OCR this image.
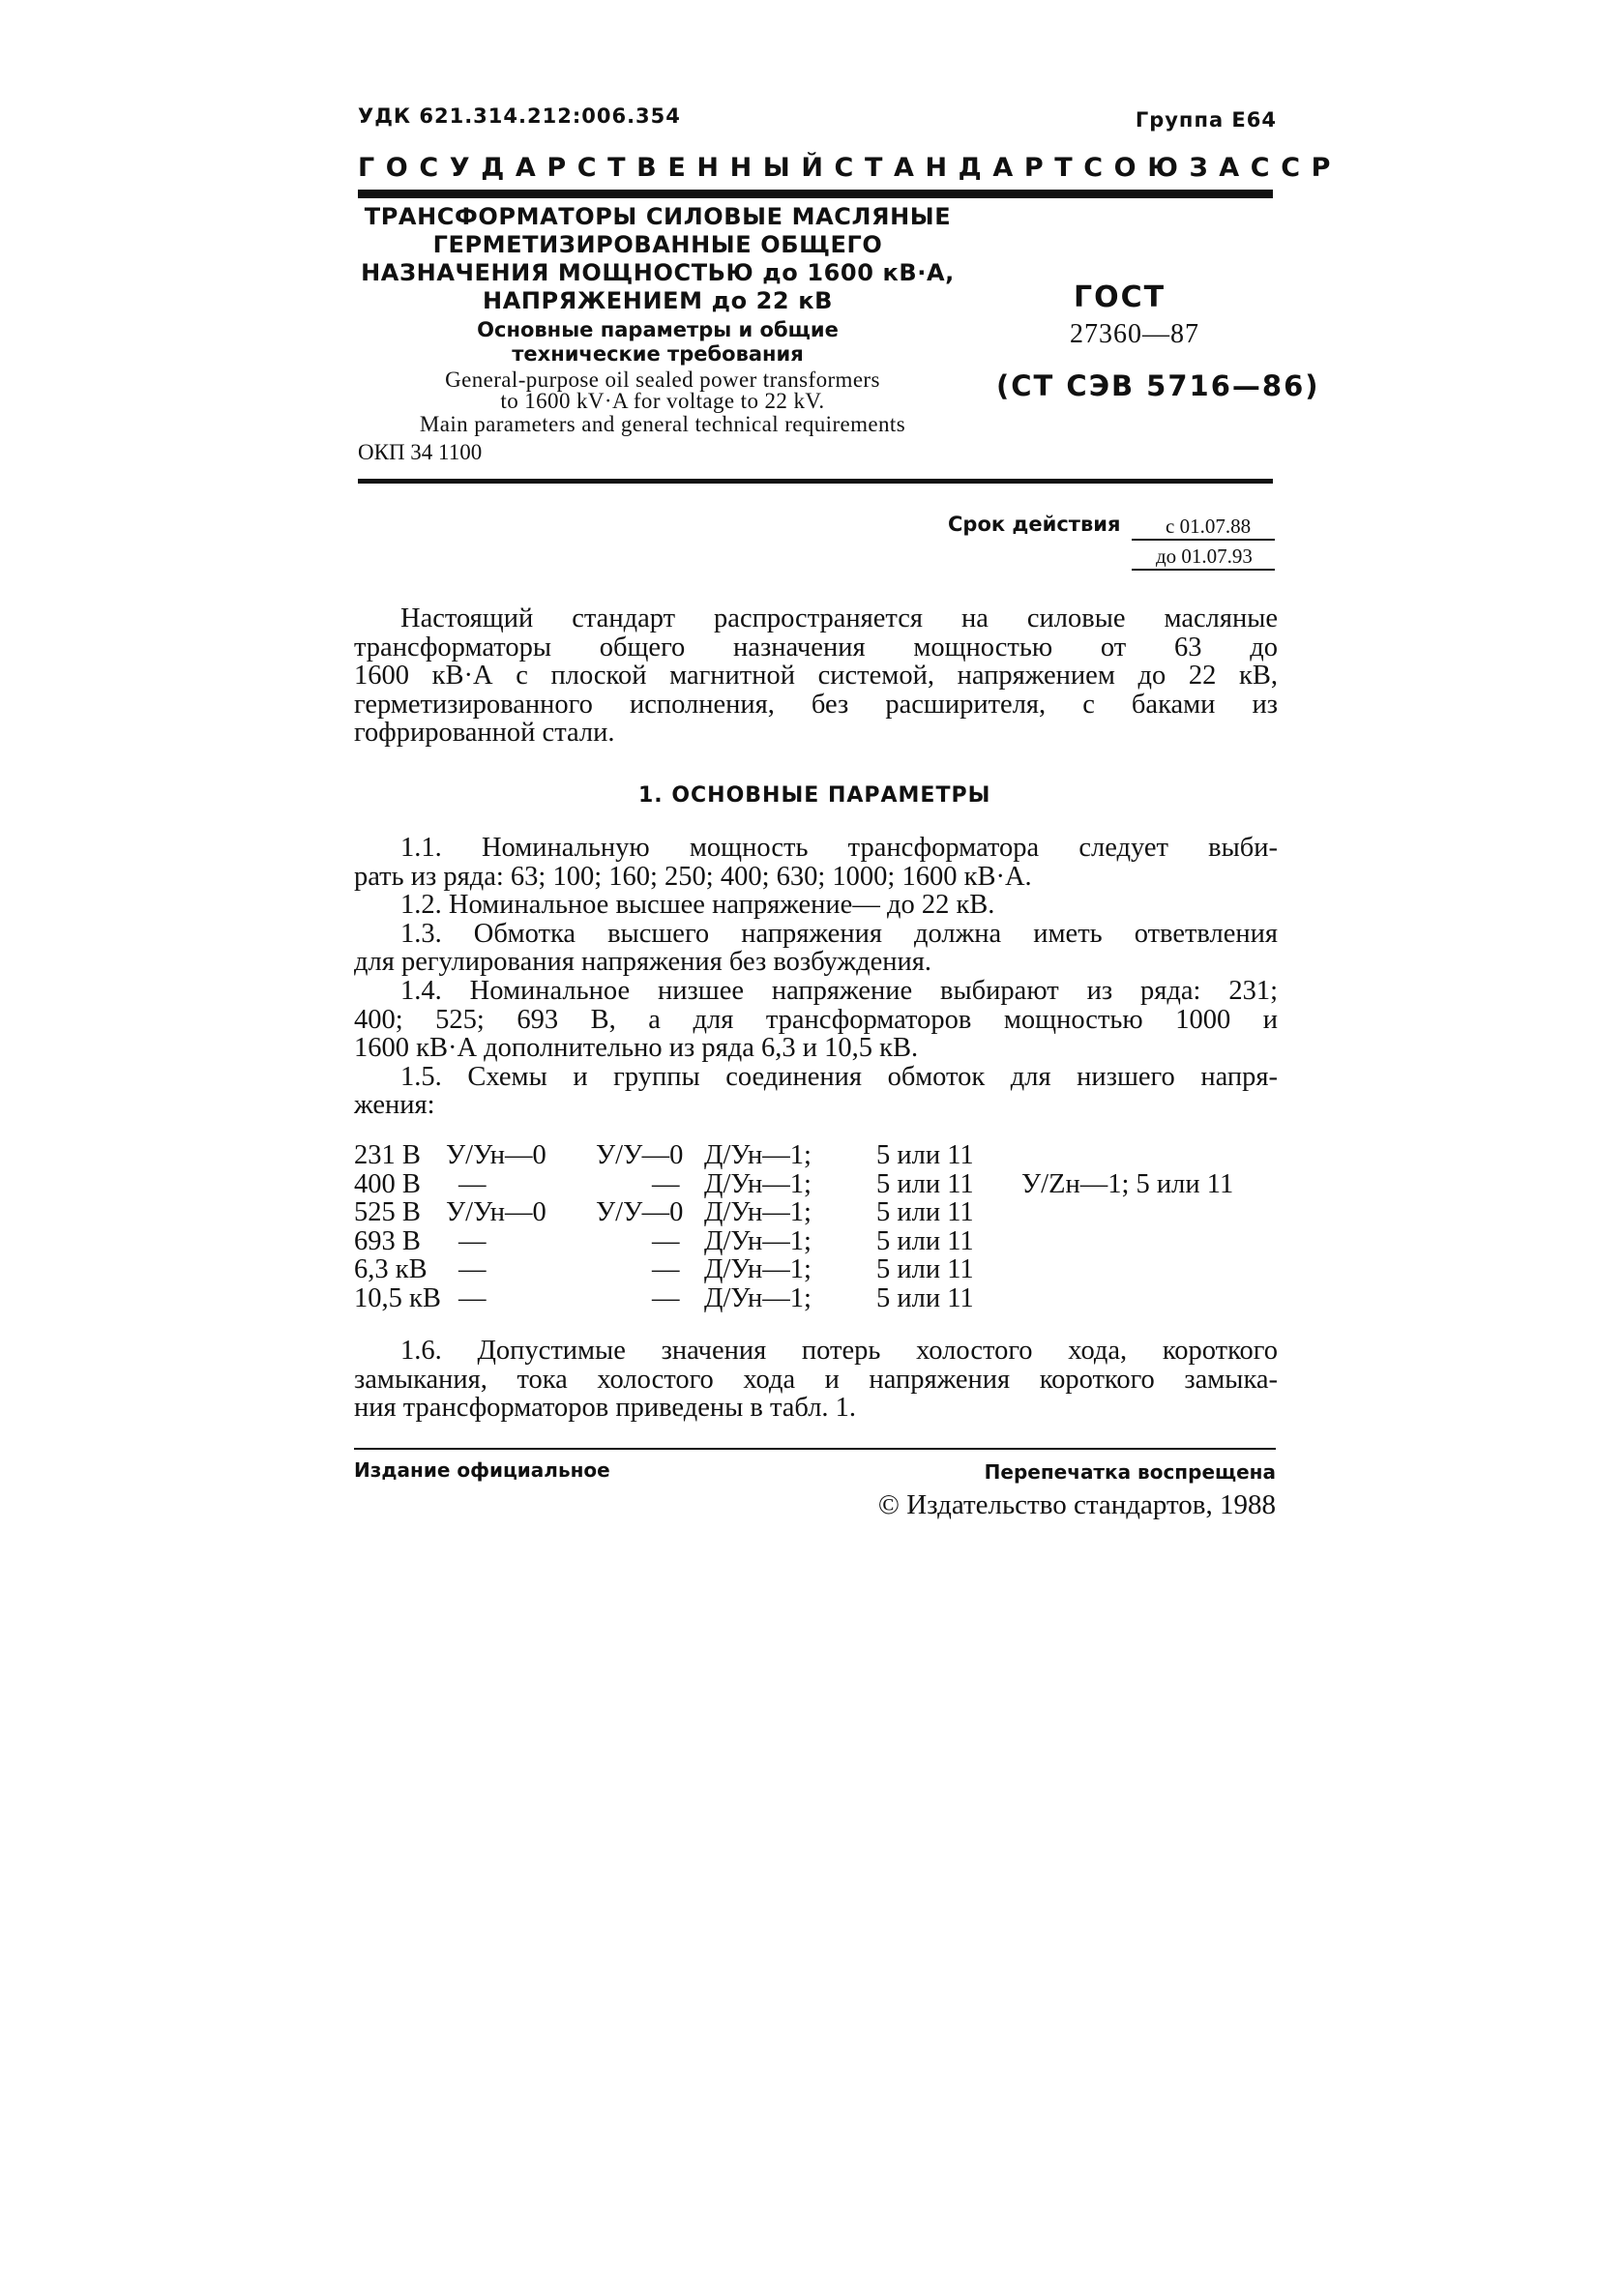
УДК 621.314.212:006.354	Группа Е64
ГОСУДАРСТВЕННЫЙ СТАНДАРТ СОЮЗА ССР
ТРАНСФОРМАТОРЫ СИЛОВЫЕ МАСЛЯНЫЕ
ГЕРМЕТИЗИРОВАННЫЕ ОБЩЕГО
НАЗНАЧЕНИЯ МОЩНОСТЬЮ до 1600 кВ·А,
НАПРЯЖЕНИЕМ до 22 кВ
Основные параметры и общие
технические требования
General-purpose oil sealed power transformers
to 1600 kV·A for voltage to 22 kV.
Main parameters and general technical requirements
ГОСТ
27360—87
(СТ СЭВ 5716—86)
ОКП 34 1100
Срок действия с 01.07.88
до 01.07.93
Настоящий стандарт распространяется на силовые масляные
трансформаторы общего назначения мощностью от 63 до
1600 кВ·А с плоской магнитной системой, напряжением до 22 кВ,
герметизированного исполнения, без расширителя, с баками из
гофрированной стали.
1. ОСНОВНЫЕ ПАРАМЕТРЫ
1.1. Номинальную мощность трансформатора следует выби-
рать из ряда: 63; 100; 160; 250; 400; 630; 1000; 1600 кВ·А.
1.2. Номинальное высшее напряжение— до 22 кВ.
1.3. Обмотка высшего напряжения должна иметь ответвления
для регулирования напряжения без возбуждения.
1.4. Номинальное низшее напряжение выбирают из ряда: 231;
400; 525; 693 В, а для трансформаторов мощностью 1000 и
1600 кВ·А дополнительно из ряда 6,3 и 10,5 кВ.
1.5. Схемы и группы соединения обмоток для низшего напря-
жения:
231 В У/Ун—0 У/У—0 Д/Ун—1; 5 или 11
400 В —	— Д/Ун—1; 5 или 11 У/Zн—1; 5 или 11
525 В У/Ун—0 У/У—0 Д/Ун—1; 5 или 11
693 В —	— Д/Ун—1; 5 или 11
6,3 кВ —	— Д/Ун—1; 5 или 11
10,5 кВ —	— Д/Ун—1; 5 или 11
1.6. Допустимые значения потерь холостого хода, короткого
замыкания, тока холостого хода и напряжения короткого замыка-
ния трансформаторов приведены в табл. 1.
Издание официальное	Перепечатка воспрещена
© Издательство стандартов, 1988
